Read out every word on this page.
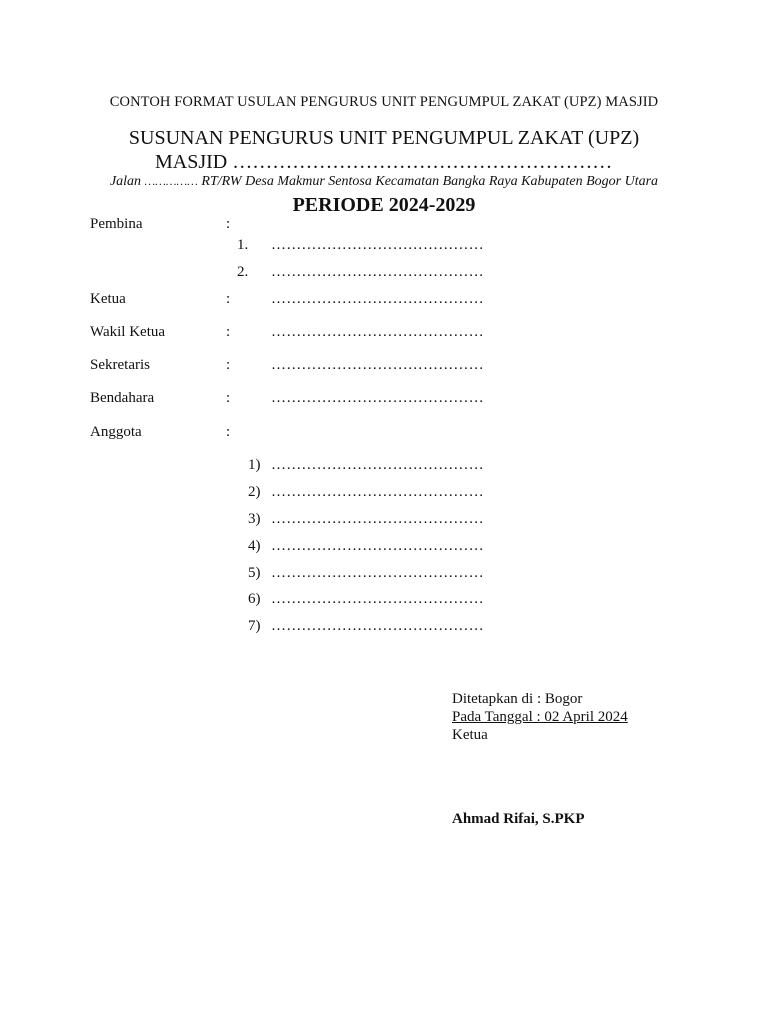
CONTOH FORMAT USULAN PENGURUS UNIT PENGUMPUL ZAKAT (UPZ) MASJID
SUSUNAN PENGURUS UNIT PENGUMPUL ZAKAT (UPZ)
MASJID …………………………………………………
Jalan …………… RT/RW Desa Makmur Sentosa Kecamatan Bangka Raya Kabupaten Bogor Utara
PERIODE 2024-2029
Pembina	:
1. ……………………………………
2. ……………………………………
Ketua	:	……………………………………
Wakil Ketua	:	……………………………………
Sekretaris	:	……………………………………
Bendahara	:	……………………………………
Anggota	:
1) ……………………………………
2) ……………………………………
3) ……………………………………
4) ……………………………………
5) ……………………………………
6) ……………………………………
7) ……………………………………
Ditetapkan di : Bogor
Pada Tanggal : 02 April 2024
Ketua
Ahmad Rifai, S.PKP
